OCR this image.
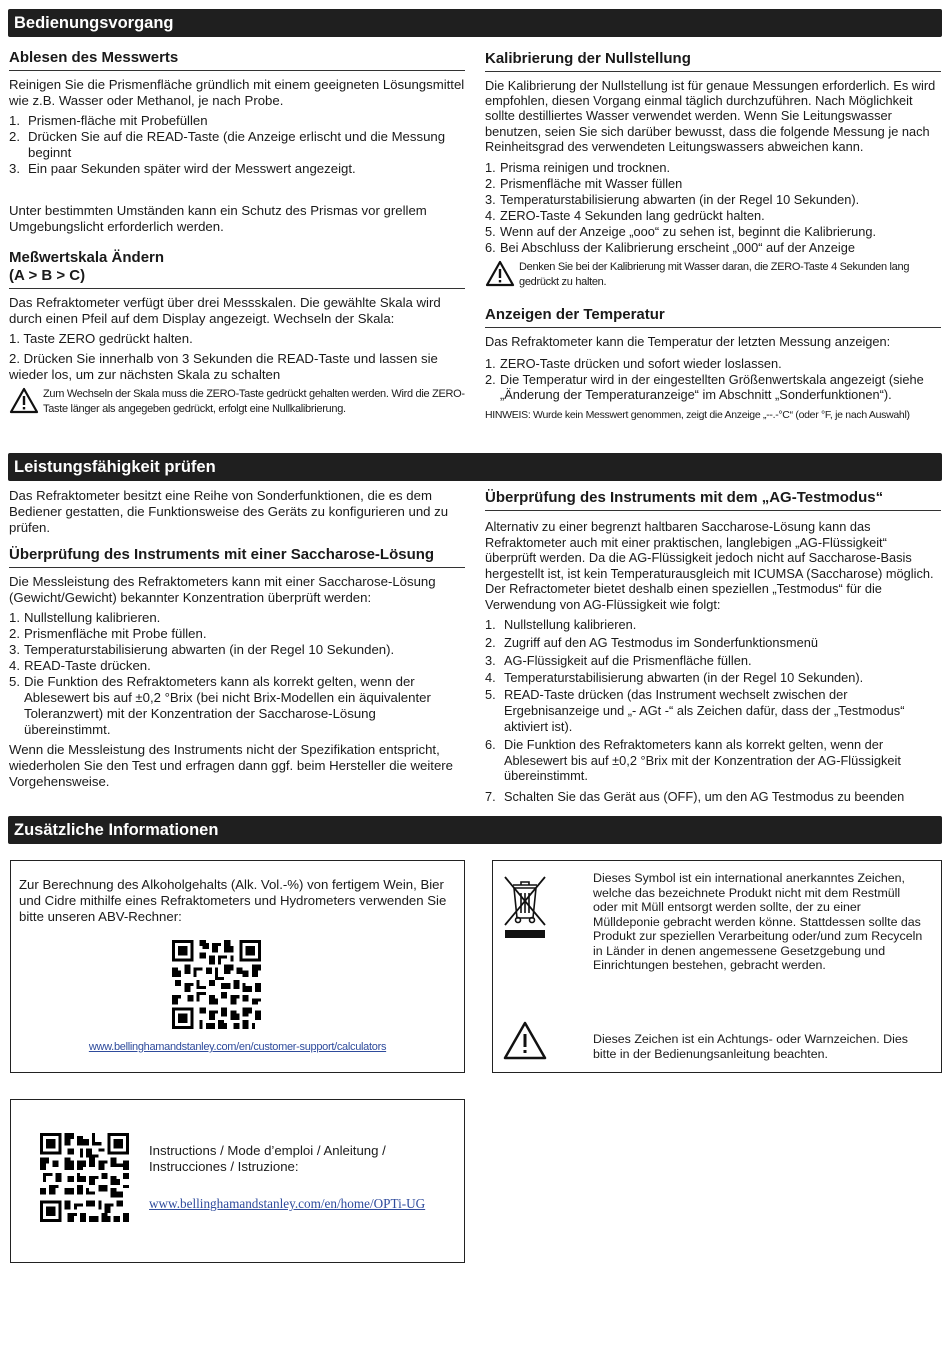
Bedienungsvorgang
Leistungsfähigkeit prüfen
Zusätzliche Informationen
Ablesen des Messwerts

Reinigen Sie die Prismenfläche gründlich mit einem geeigneten Lösungsmittel wie z.B. Wasser oder Methanol, je nach Probe.

1. Prismen-fläche mit Probefüllen
2. Drücken Sie auf die READ-Taste (die Anzeige erlischt und die Messung beginnt
3. Ein paar Sekunden später wird der Messwert angezeigt.

Unter bestimmten Umständen kann ein Schutz des Prismas vor grellem Umgebungslicht erforderlich werden.

Meßwertskala Ändern
(A > B > C)

Das Refraktometer verfügt über drei Messskalen. Die gewählte Skala wird durch einen Pfeil auf dem Display angezeigt. Wechseln der Skala:

1. Taste ZERO gedrückt halten.

2. Drücken Sie innerhalb von 3 Sekunden die READ-Taste und lassen sie wieder los, um zur nächsten Skala zu schalten

Zum Wechseln der Skala muss die ZERO-Taste gedrückt gehalten werden. Wird die ZERO-Taste länger als angegeben gedrückt, erfolgt eine Nullkalibrierung.
Kalibrierung der Nullstellung

Die Kalibrierung der Nullstellung ist für genaue Messungen erforderlich. Es wird empfohlen, diesen Vorgang einmal täglich durchzuführen. Nach Möglichkeit sollte destilliertes Wasser verwendet werden. Wenn Sie Leitungswasser benutzen, seien Sie sich darüber bewusst, dass die folgende Messung je nach Reinheitsgrad des verwendeten Leitungswassers abweichen kann.

1. Prisma reinigen und trocknen.
2. Prismenfläche mit Wasser füllen
3. Temperaturstabilisierung abwarten (in der Regel 10 Sekunden).
4. ZERO-Taste 4 Sekunden lang gedrückt halten.
5. Wenn auf der Anzeige „ooo“ zu sehen ist, beginnt die Kalibrierung.
6. Bei Abschluss der Kalibrierung erscheint „000“ auf der Anzeige
Denken Sie bei der Kalibrierung mit Wasser daran, die ZERO-Taste 4 Sekunden lang gedrückt zu halten.
Anzeigen der Temperatur

Das Refraktometer kann die Temperatur der letzten Messung anzeigen:

1. ZERO-Taste drücken und sofort wieder loslassen.
2. Die Temperatur wird in der eingestellten Größenwertskala angezeigt (siehe „Änderung der Temperaturanzeige“ im Abschnitt „Sonderfunktionen“).

HINWEIS: Wurde kein Messwert genommen, zeigt die Anzeige „--.-°C“ (oder °F, je nach Auswahl)

Das Refraktometer besitzt eine Reihe von Sonderfunktionen, die es dem Bediener gestatten, die Funktionsweise des Geräts zu konfigurieren und zu prüfen.

Überprüfung des Instruments mit einer Saccharose-Lösung

Die Messleistung des Refraktometers kann mit einer Saccharose-Lösung (Gewicht/Gewicht) bekannter Konzentration überprüft werden:

1. Nullstellung kalibrieren.
2. Prismenfläche mit Probe füllen.
3. Temperaturstabilisierung abwarten (in der Regel 10 Sekunden).
4. READ-Taste drücken.
5. Die Funktion des Refraktometers kann als korrekt gelten, wenn der Ablesewert bis auf ±0,2 °Brix (bei nicht Brix-Modellen ein äquivalenter Toleranzwert) mit der Konzentration der Saccharose-Lösung übereinstimmt.

Wenn die Messleistung des Instruments nicht der Spezifikation entspricht, wiederholen Sie den Test und erfragen dann ggf. beim Hersteller die weitere Vorgehensweise.

Überprüfung des Instruments mit dem „AG-Testmodus“

Alternativ zu einer begrenzt haltbaren Saccharose-Lösung kann das Refraktometer auch mit einer praktischen, langlebigen „AG-Flüssigkeit“ überprüft werden. Da die AG-Flüssigkeit jedoch nicht auf Saccharose-Basis hergestellt ist, ist kein Temperaturausgleich mit ICUMSA (Saccharose) möglich. Der Refractometer bietet deshalb einen speziellen „Testmodus“ für die Verwendung von AG-Flüssigkeit wie folgt:

1. Nullstellung kalibrieren.
2. Zugriff auf den AG Testmodus im Sonderfunktionsmenü
3. AG-Flüssigkeit auf die Prismenfläche füllen.
4. Temperaturstabilisierung abwarten (in der Regel 10 Sekunden).
5. READ-Taste drücken (das Instrument wechselt zwischen der Ergebnisanzeige und „- AGt -“ als Zeichen dafür, dass der „Testmodus“ aktiviert ist).
6. Die Funktion des Refraktometers kann als korrekt gelten, wenn der Ablesewert bis auf ±0,2 °Brix mit der Konzentration der AG-Flüssigkeit übereinstimmt.
7. Schalten Sie das Gerät aus (OFF), um den AG Testmodus zu beenden

Zur Berechnung des Alkoholgehalts (Alk. Vol.-%) von fertigem Wein, Bier und Cidre mithilfe eines Refraktometers und Hydrometers verwenden Sie bitte unseren ABV-Rechner:

www.bellinghamandstanley.com/en/customer-support/calculators

Dieses Symbol ist ein international anerkanntes Zeichen, welche das bezeichnete Produkt nicht mit dem Restmüll oder mit Müll entsorgt werden sollte, der zu einer Mülldeponie gebracht werden könne. Stattdessen sollte das Produkt zur speziellen Verarbeitung oder/und zum Recyceln in Länder in denen angemessene Gesetzgebung und Einrichtungen bestehen, gebracht werden.

Dieses Zeichen ist ein Achtungs- oder Warnzeichen. Dies bitte in der Bedienungsanleitung beachten.

Instructions / Mode d’emploi / Anleitung / Instrucciones / Istruzione:

www.bellinghamandstanley.com/en/home/OPTi-UG
